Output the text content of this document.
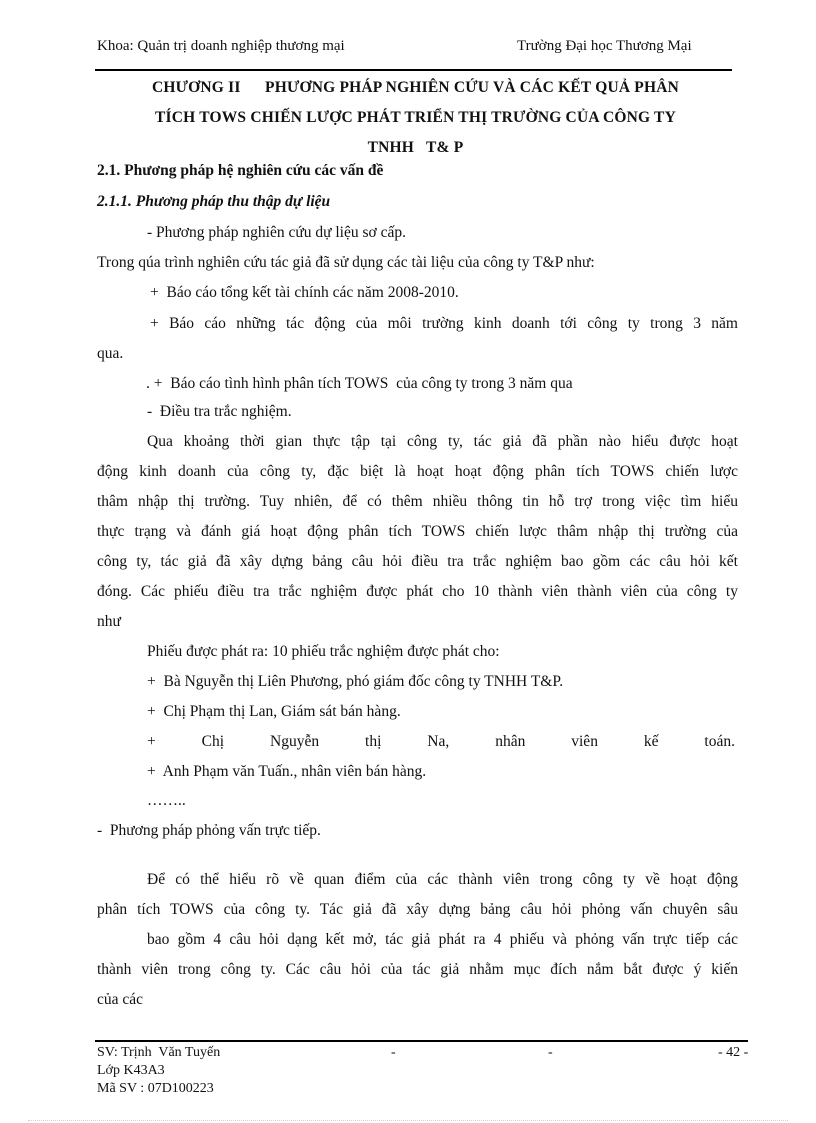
Khoa: Quản trị doanh nghiệp thương mại	Trường Đại học Thương Mại
CHƯƠNG II      PHƯƠNG PHÁP NGHIÊN CỨU VÀ CÁC KẾT QUẢ PHÂN
TÍCH TOWS CHIẾN LƯỢC PHÁT TRIỂN THỊ TRƯỜNG CỦA CÔNG TY
TNHH   T& P
2.1. Phương pháp hệ nghiên cứu các vấn đề
2.1.1. Phương pháp thu thập dự liệu
- Phương pháp nghiên cứu dự liệu sơ cấp.
Trong qúa trình nghiên cứu tác giả đã sử dụng các tài liệu của công ty T&P như:
+  Báo cáo tổng kết tài chính các năm 2008-2010.
+ Báo cáo những tác động của môi trường kinh doanh tới công ty trong 3 năm
qua.
. +  Báo cáo tình hình phân tích TOWS  của công ty trong 3 năm qua
-  Điều tra trắc nghiệm.
Qua khoảng thời gian thực tập tại công ty, tác giả đã phần nào hiểu được hoạt
động kinh doanh của công ty, đặc biệt là hoạt hoạt động phân tích TOWS chiến lược
thâm nhập thị trường. Tuy nhiên, để có thêm nhiều thông tin hỗ trợ trong việc tìm hiểu
thực trạng và đánh giá hoạt động phân tích TOWS chiến lược thâm nhập thị trường của
công ty, tác giả đã xây dựng bảng câu hỏi điều tra trắc nghiệm bao gồm các câu hỏi kết
đóng. Các phiếu điều tra trắc nghiệm được phát cho 10 thành viên thành viên của công ty
như
Phiếu được phát ra: 10 phiếu trắc nghiệm được phát cho:
+  Bà Nguyễn thị Liên Phương, phó giám đốc công ty TNHH T&P.
+  Chị Phạm thị Lan, Giám sát bán hàng.
+ Chị Nguyễn thị Na, nhân viên kế toán.
+  Anh Phạm văn Tuấn., nhân viên bán hàng.
……..
-  Phương pháp phỏng vấn trực tiếp.
Để có thể hiểu rõ về quan điểm của các thành viên trong công ty về hoạt động
phân tích TOWS của công ty. Tác giả đã xây dựng bảng câu hỏi phỏng vấn chuyên sâu
bao gồm 4 câu hỏi dạng kết mở, tác giả phát ra 4 phiếu và phỏng vấn trực tiếp các
thành viên trong công ty. Các câu hỏi của tác giả nhằm mục đích nắm bắt được ý kiến
của các
SV: Trịnh  Văn Tuyến	-	-	- 42 -
Lớp K43A3
Mã SV : 07D100223
